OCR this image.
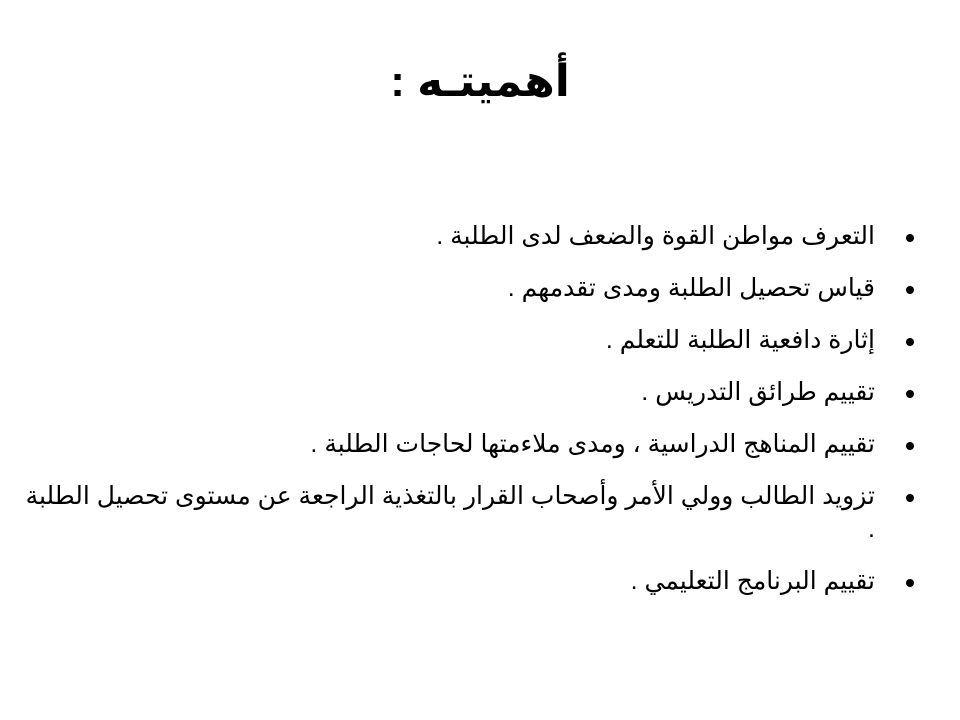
أهميتـه :
التعرف مواطن القوة والضعف لدى الطلبة .
قياس تحصيل الطلبة ومدى تقدمهم .
إثارة دافعية الطلبة للتعلم .
تقييم طرائق التدريس .
تقييم المناهج الدراسية ، ومدى ملاءمتها لحاجات الطلبة .
تزويد الطالب وولي الأمر وأصحاب القرار بالتغذية الراجعة عن مستوى تحصيل الطلبة .
تقييم البرنامج التعليمي .
